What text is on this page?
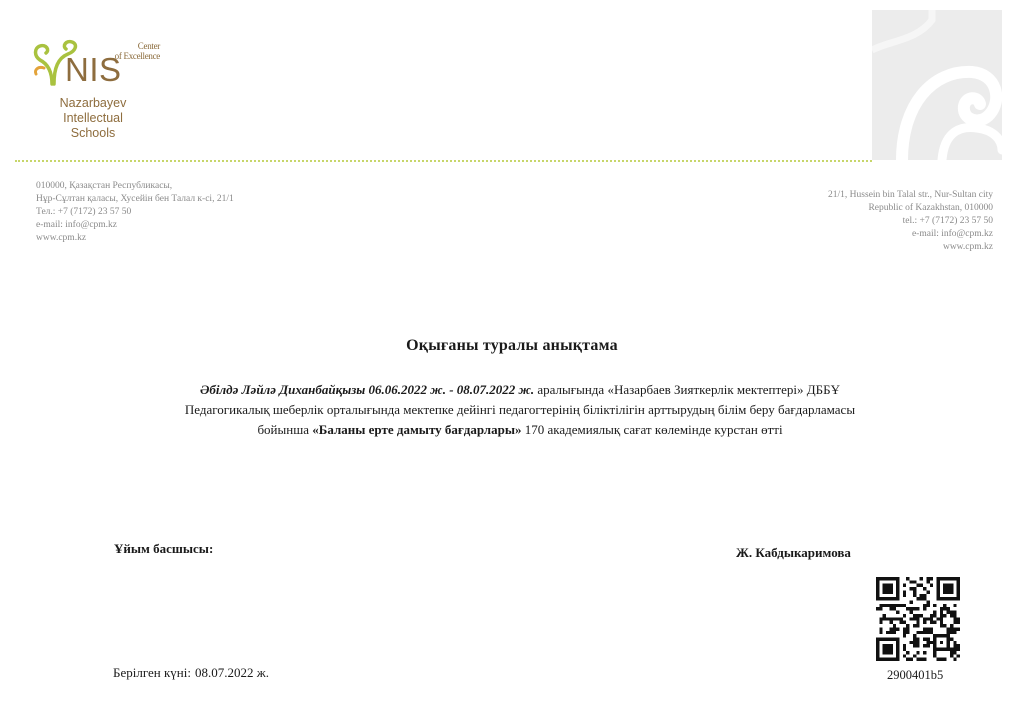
Center
of Excellence
NIS
Nazarbayev
Intellectual
Schools
010000, Қазақстан Республикасы,
Нұр-Сұлтан қаласы, Хусейін бен Талал к-сі, 21/1
Тел.: +7 (7172) 23 57 50
e-mail: info@cpm.kz
www.cpm.kz
21/1, Hussein bin Talal str., Nur-Sultan city
Republic of Kazakhstan, 010000
tel.: +7 (7172) 23 57 50
e-mail: info@cpm.kz
www.cpm.kz
Оқығаны туралы анықтама
Әбілдә Ләйлә Диханбайқызы 06.06.2022 ж. - 08.07.2022 ж. аралығында «Назарбаев Зияткерлік мектептері» ДББҰ
Педагогикалық шеберлік орталығында мектепке дейінгі педагогтерінің біліктілігін арттырудың білім беру бағдарламасы
бойынша «Баланы ерте дамыту бағдарлары» 170 академиялық сағат көлемінде курстан өтті
Ұйым басшысы:	Ж. Кабдыкаримова
Берілген күні: 08.07.2022 ж.	2900401b5
